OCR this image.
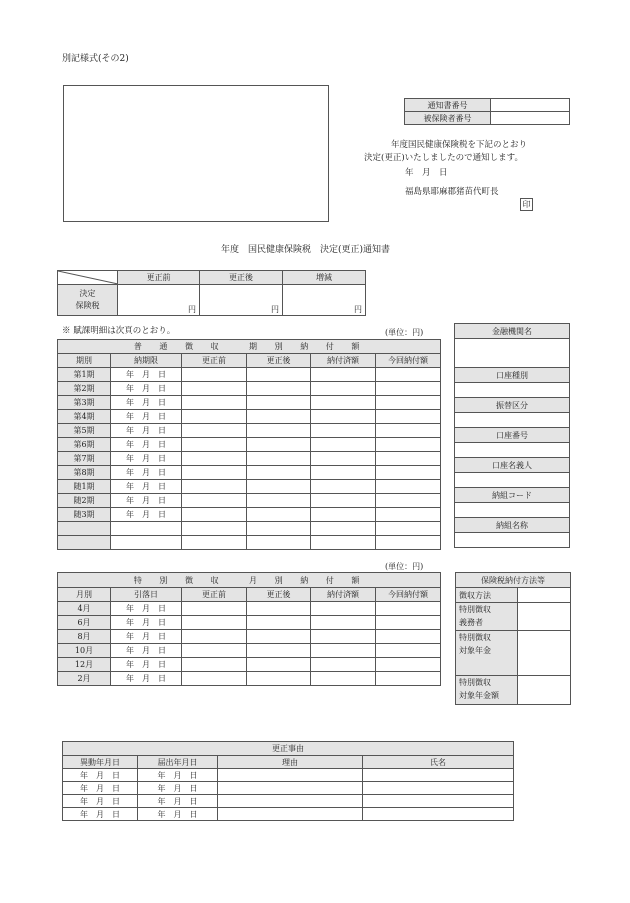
別記様式(その2)
通知書番号	
被保険者番号	
年度国民健康保険税を下記のとおり
決定(更正)いたしましたので通知します。
年　月　日
福島県耶麻郡猪苗代町長
印
年度　国民健康保険税　決定(更正)通知書
	更正前	更正後	増減

決定
保険税	円	円	円
※ 賦課明細は次頁のとおり。	(単位：円)
普　通　徴　収　　期　別　納　付　額					
期別	納期限	更正前	更正後	納付済額	今回納付額
第1期	年　月　日				
第2期	年　月　日				
第3期	年　月　日				
第4期	年　月　日				
第5期	年　月　日				
第6期	年　月　日				
第7期	年　月　日				
第8期	年　月　日				
随1期	年　月　日				
随2期	年　月　日				
随3期	年　月　日				

金融機関名

口座種別

振替区分

口座番号

口座名義人

納組コード

納組名称

(単位：円)
特　別　徴　収　　月　別　納　付　額					
月別	引落日	更正前	更正後	納付済額	今回納付額
4月	年　月　日				
6月	年　月　日				
8月	年　月　日				
10月	年　月　日				
12月	年　月　日				
2月	年　月　日				
保険税納付方法等	
徴収方法	

特別徴収
義務者	

特別徴収
対象年金	

特別徴収
対象年金額	

更正事由			
異動年月日	届出年月日	理由	氏名
年　月　日	年　月　日		
年　月　日	年　月　日		
年　月　日	年　月　日		
年　月　日	年　月　日		
